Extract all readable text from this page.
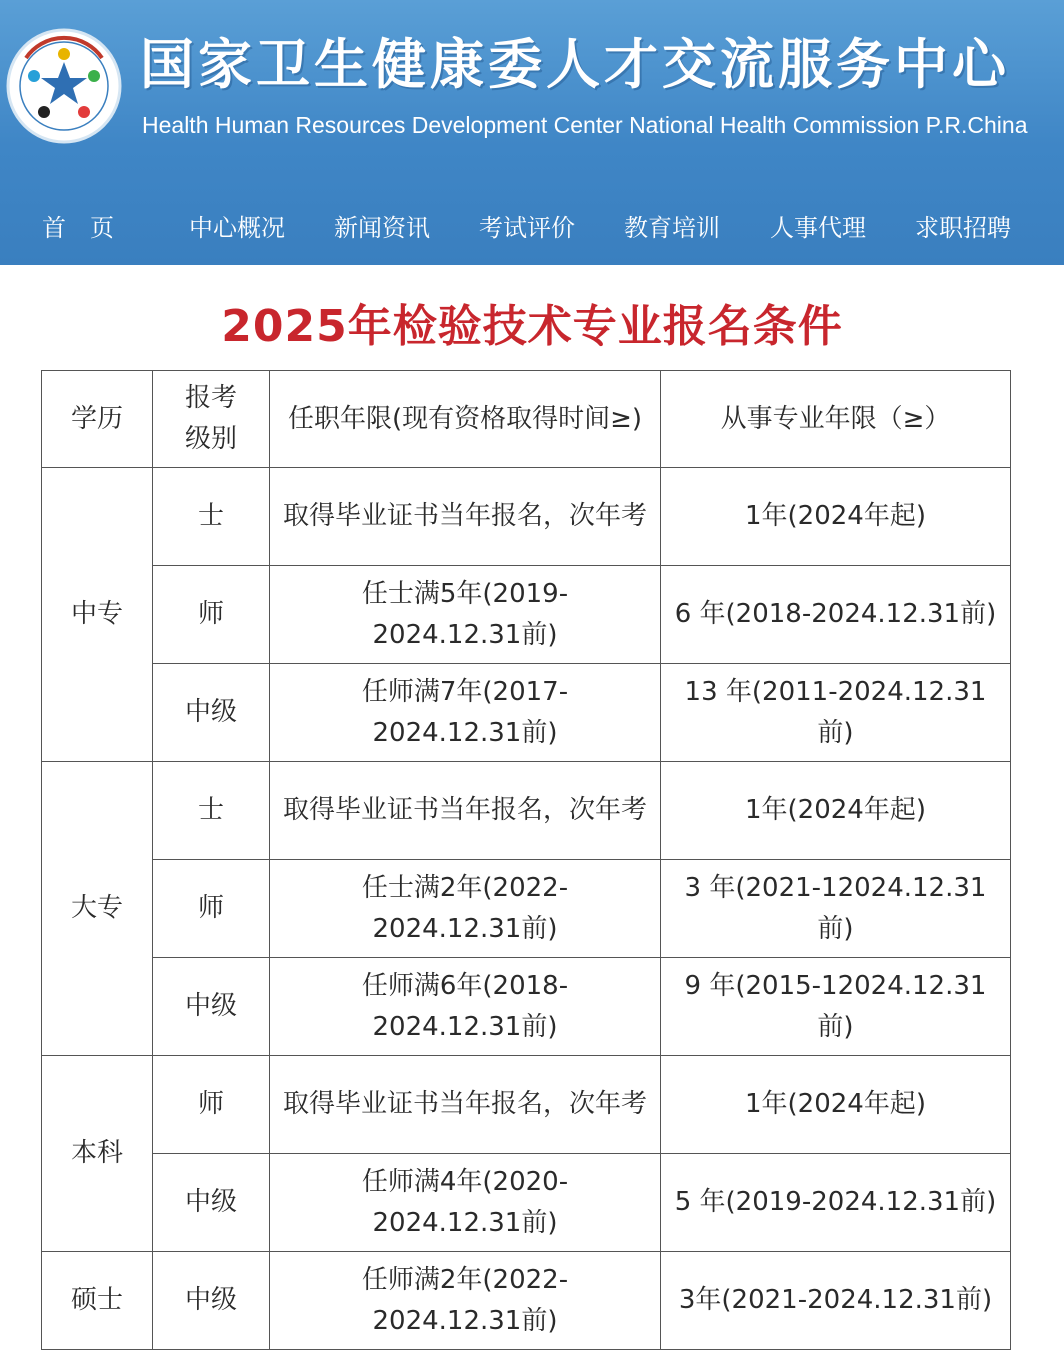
国家卫生健康委人才交流服务中心
Health Human Resources Development Center National Health Commission P.R.China
首　页	中心概况 新闻资讯 考试评价 教育培训 人事代理 求职招聘
2025年检验技术专业报名条件
学历	报考级别	任职年限(现有资格取得时间≥)	从事专业年限（≥）
中专	士	取得毕业证书当年报名，次年考	1年(2024年起)
	师	任士满5年(2019-2024.12.31前)	6 年(2018-2024.12.31前)
	中级	任师满7年(2017-2024.12.31前)	13 年(2011-2024.12.31前)
大专	士	取得毕业证书当年报名，次年考	1年(2024年起)
	师	任士满2年(2022-2024.12.31前)	3 年(2021-12024.12.31前)
	中级	任师满6年(2018-2024.12.31前)	9 年(2015-12024.12.31前)
本科	师	取得毕业证书当年报名，次年考	1年(2024年起)
	中级	任师满4年(2020-2024.12.31前)	5 年(2019-2024.12.31前)
硕士	中级	任师满2年(2022-2024.12.31前)	3年(2021-2024.12.31前)
